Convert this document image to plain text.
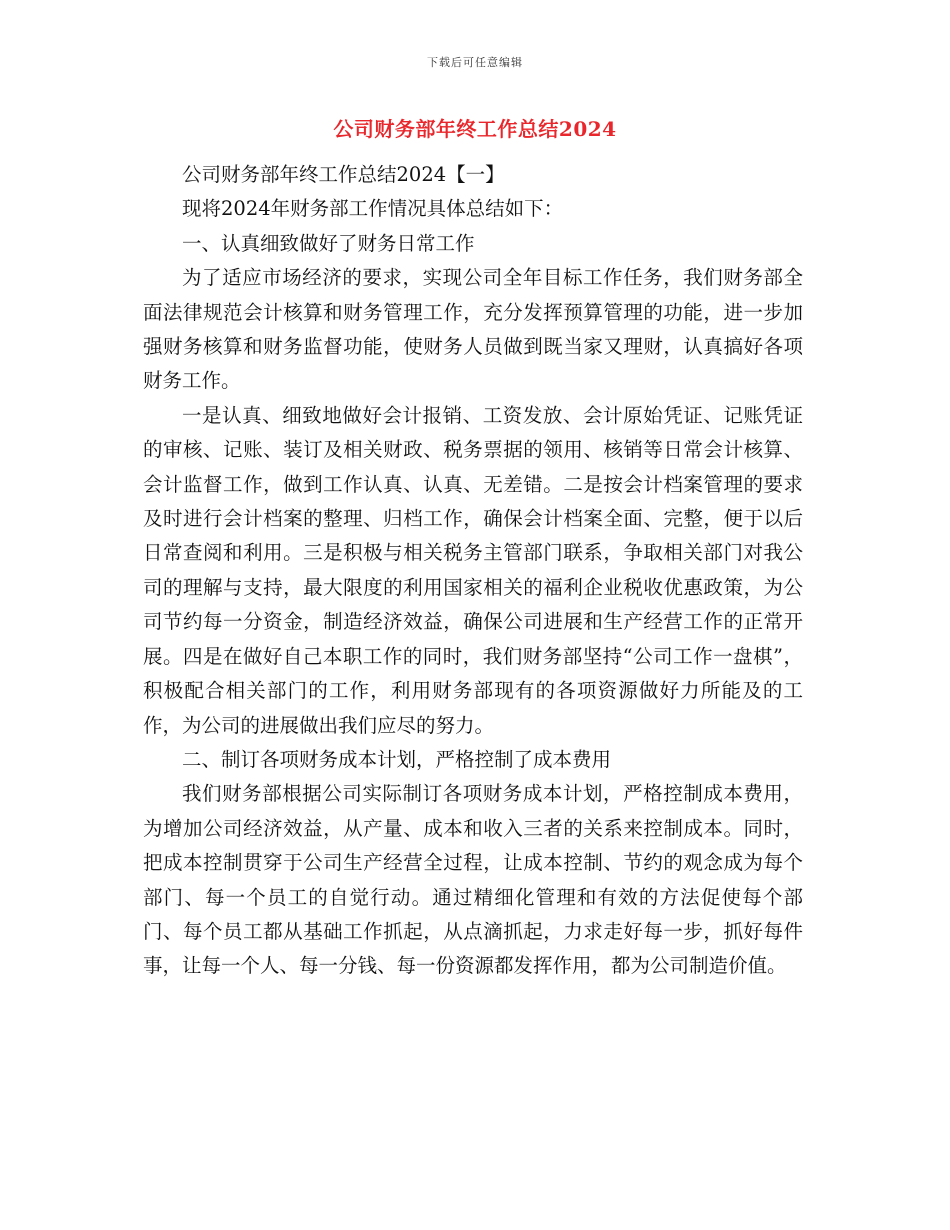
下载后可任意编辑
公司财务部年终工作总结2024

公司财务部年终工作总结2024【一】

现将2024年财务部工作情况具体总结如下：

一、认真细致做好了财务日常工作

为了适应市场经济的要求，实现公司全年目标工作任务，我们财务部全面法律规范会计核算和财务管理工作，充分发挥预算管理的功能，进一步加强财务核算和财务监督功能，使财务人员做到既当家又理财，认真搞好各项财务工作。

一是认真、细致地做好会计报销、工资发放、会计原始凭证、记账凭证的审核、记账、装订及相关财政、税务票据的领用、核销等日常会计核算、会计监督工作，做到工作认真、认真、无差错。二是按会计档案管理的要求及时进行会计档案的整理、归档工作，确保会计档案全面、完整，便于以后日常查阅和利用。三是积极与相关税务主管部门联系，争取相关部门对我公司的理解与支持，最大限度的利用国家相关的福利企业税收优惠政策，为公司节约每一分资金，制造经济效益，确保公司进展和生产经营工作的正常开展。四是在做好自己本职工作的同时，我们财务部坚持“公司工作一盘棋”，积极配合相关部门的工作，利用财务部现有的各项资源做好力所能及的工作，为公司的进展做出我们应尽的努力。

二、制订各项财务成本计划，严格控制了成本费用

我们财务部根据公司实际制订各项财务成本计划，严格控制成本费用，为增加公司经济效益，从产量、成本和收入三者的关系来控制成本。同时，把成本控制贯穿于公司生产经营全过程，让成本控制、节约的观念成为每个部门、每一个员工的自觉行动。通过精细化管理和有效的方法促使每个部门、每个员工都从基础工作抓起，从点滴抓起，力求走好每一步，抓好每件事，让每一个人、每一分钱、每一份资源都发挥作用，都为公司制造价值。
